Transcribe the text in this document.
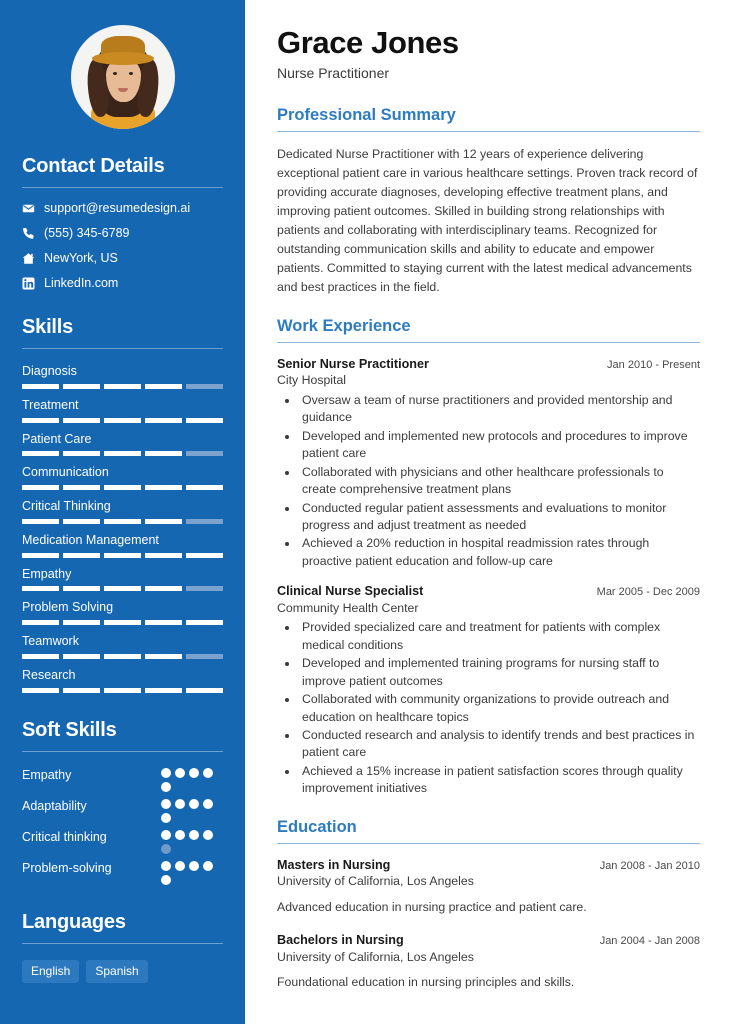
Contact Details
support@resumedesign.ai
(555) 345-6789
NewYork, US
LinkedIn.com
Skills
Diagnosis
Treatment
Patient Care
Communication
Critical Thinking
Medication Management
Empathy
Problem Solving
Teamwork
Research
Soft Skills
Empathy
Adaptability
Critical thinking
Problem-solving
Languages
English	Spanish
Grace Jones
Nurse Practitioner
Professional Summary

Dedicated Nurse Practitioner with 12 years of experience delivering exceptional patient care in various healthcare settings. Proven track record of providing accurate diagnoses, developing effective treatment plans, and improving patient outcomes. Skilled in building strong relationships with patients and collaborating with interdisciplinary teams. Recognized for outstanding communication skills and ability to educate and empower patients. Committed to staying current with the latest medical advancements and best practices in the field.

Work Experience
Senior Nurse Practitioner	Jan 2010 - Present
City Hospital
• Oversaw a team of nurse practitioners and provided mentorship and guidance
• Developed and implemented new protocols and procedures to improve patient care
• Collaborated with physicians and other healthcare professionals to create comprehensive treatment plans
• Conducted regular patient assessments and evaluations to monitor progress and adjust treatment as needed
• Achieved a 20% reduction in hospital readmission rates through proactive patient education and follow-up care
Clinical Nurse Specialist	Mar 2005 - Dec 2009
Community Health Center
• Provided specialized care and treatment for patients with complex medical conditions
• Developed and implemented training programs for nursing staff to improve patient outcomes
• Collaborated with community organizations to provide outreach and education on healthcare topics
• Conducted research and analysis to identify trends and best practices in patient care
• Achieved a 15% increase in patient satisfaction scores through quality improvement initiatives
Education
Masters in Nursing	Jan 2008 - Jan 2010
University of California, Los Angeles

Advanced education in nursing practice and patient care.

Bachelors in Nursing	Jan 2004 - Jan 2008
University of California, Los Angeles

Foundational education in nursing principles and skills.
